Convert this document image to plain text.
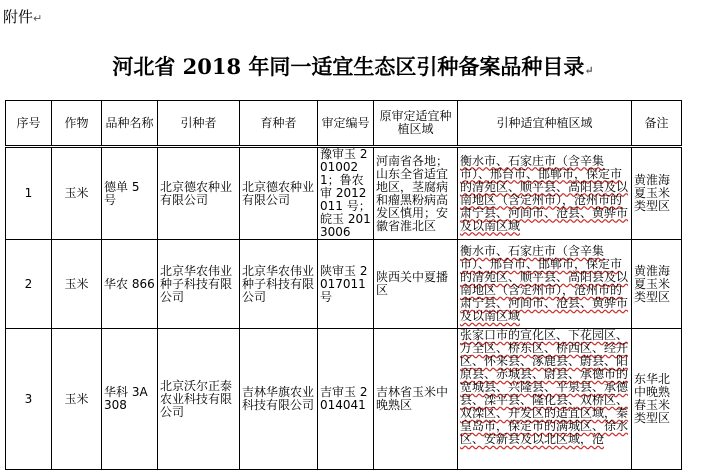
附件↵
河北省 2018 年同一适宜生态区引种备案品种目录↵
序号	作物	品种名称	引种者	育种者	审定编号	原审定适宜种植区域	引种适宜种植区域	备注
1	玉米	德单 5 号	北京德农种业有限公司	北京德农种业有限公司	豫审玉 2010021；鲁农审 2012011 号；皖玉 2013006	河南省各地；山东全省适宜地区，茎腐病和瘤黑粉病高发区慎用；安徽省淮北区	衡水市、石家庄市（含辛集市）、邢台市、邯郸市，保定市的清苑区、顺平县、高阳县及以南地区（含定州市），沧州市的肃宁县、河间市、沧县、黄骅市及以南区域	黄淮海夏玉米类型区
2	玉米	华农 866	北京华农伟业种子科技有限公司	北京华农伟业种子科技有限公司	陕审玉 2017011 号	陕西关中夏播区	衡水市、石家庄市（含辛集市）、邢台市、邯郸市，保定市的清苑区、顺平县、高阳县及以南地区（含定州市），沧州市的肃宁县、河间市、沧县、黄骅市及以南区域	黄淮海夏玉米类型区
3	玉米	华科 3A308	北京沃尔正泰农业科技有限公司	吉林华旗农业科技有限公司	吉审玉 2014041	吉林省玉米中晚熟区	张家口市的宣化区、下花园区、万全区、桥东区、桥西区、经开区、怀来县、涿鹿县、蔚县、阳原县、赤城县、尉县、承德市的宽城县、兴隆县、平泉县、承德县、滦平县、隆化县、双桥区、双滦区、开发区的适宜区域，秦皇岛市，保定市的满城区、徐水区、安新县及以北区域，沧	东华北中晚熟春玉米类型区
